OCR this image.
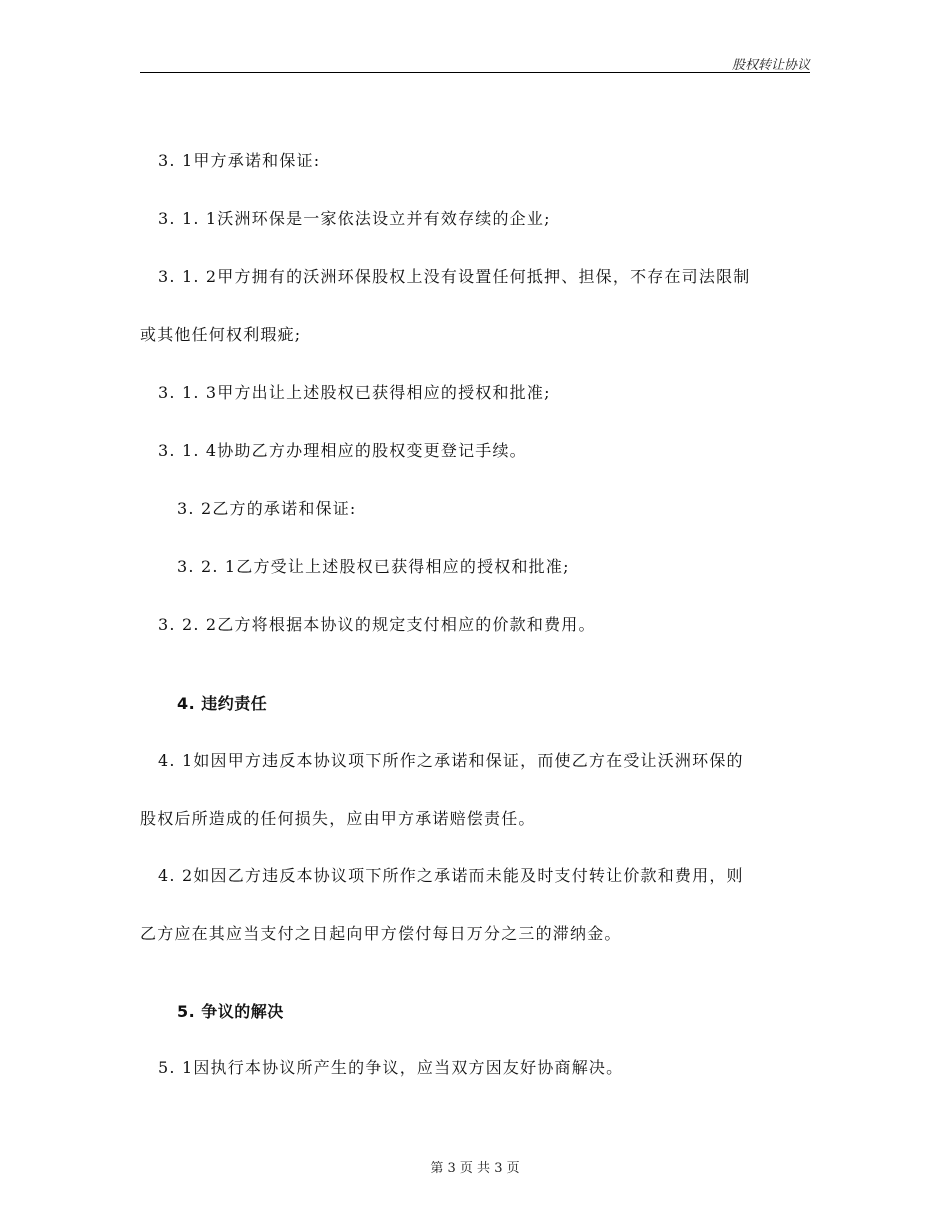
股权转让协议
3. 1甲方承诺和保证:
3. 1. 1沃洲环保是一家依法设立并有效存续的企业;
3. 1. 2甲方拥有的沃洲环保股权上没有设置任何抵押、担保，不存在司法限制
或其他任何权利瑕疵;
3. 1. 3甲方出让上述股权已获得相应的授权和批准;
3. 1. 4协助乙方办理相应的股权变更登记手续。
3. 2乙方的承诺和保证:
3. 2. 1乙方受让上述股权已获得相应的授权和批准;
3. 2. 2乙方将根据本协议的规定支付相应的价款和费用。
4. 违约责任
4. 1如因甲方违反本协议项下所作之承诺和保证，而使乙方在受让沃洲环保的
股权后所造成的任何损失，应由甲方承诺赔偿责任。
4. 2如因乙方违反本协议项下所作之承诺而未能及时支付转让价款和费用，则
乙方应在其应当支付之日起向甲方偿付每日万分之三的滞纳金。
5. 争议的解决
5. 1因执行本协议所产生的争议，应当双方因友好协商解决。
第 3 页 共 3 页
